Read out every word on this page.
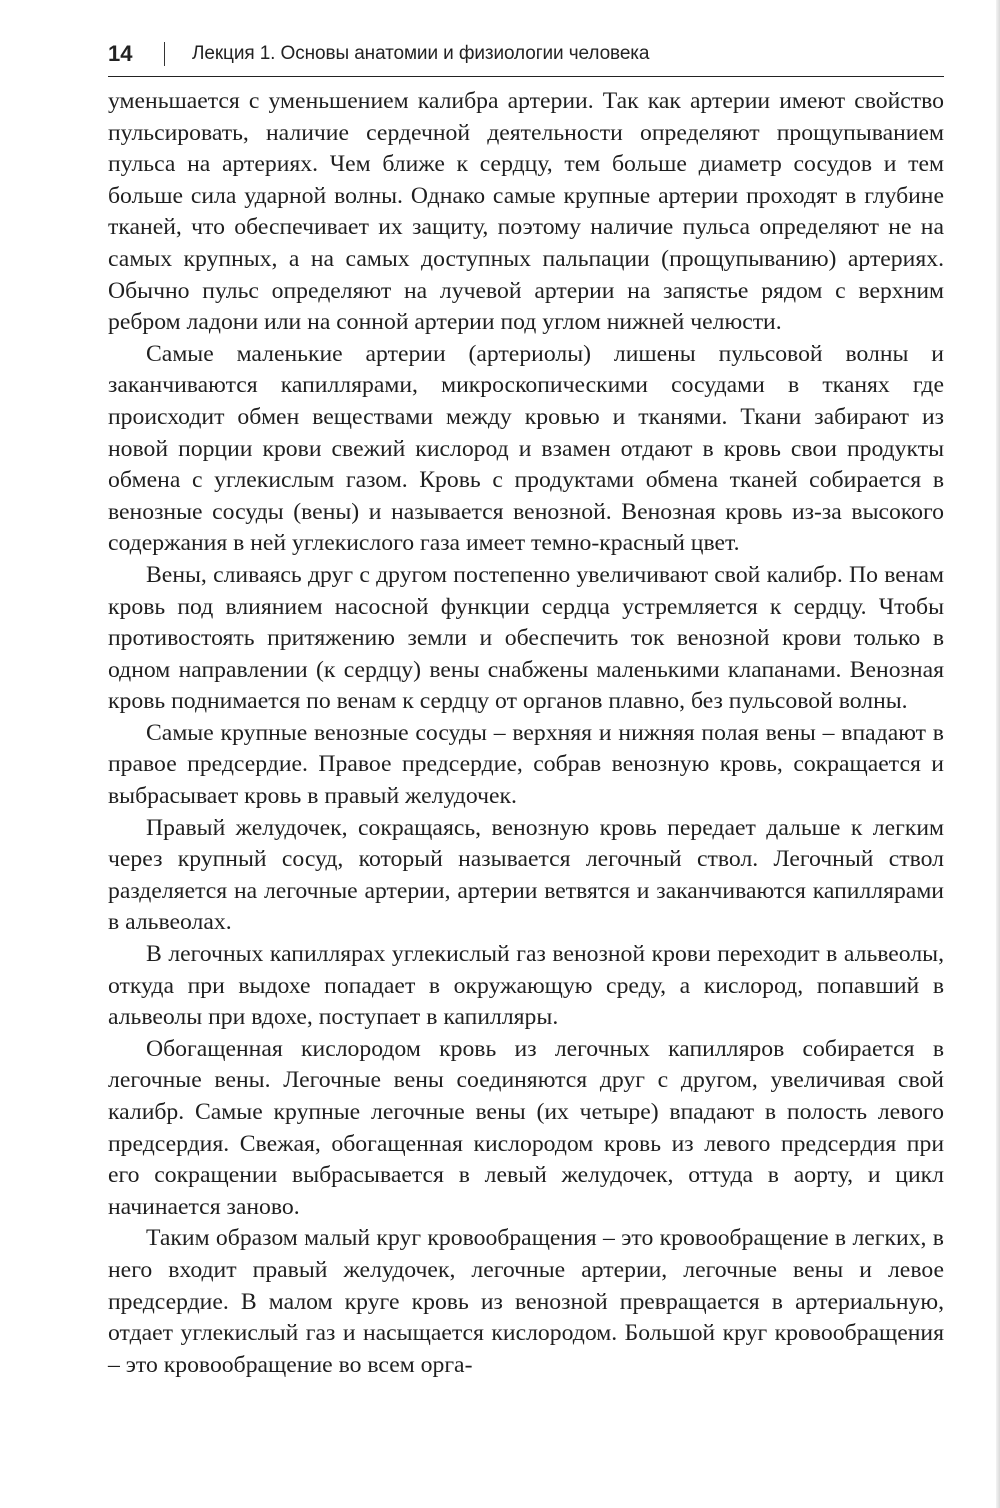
14	Лекция 1. Основы анатомии и физиологии человека

уменьшается с уменьшением калибра артерии. Так как артерии имеют свойство пульсировать, наличие сердечной деятельности определяют прощупыванием пульса на артериях. Чем ближе к сердцу, тем больше диаметр сосудов и тем больше сила ударной волны. Однако самые крупные артерии проходят в глубине тканей, что обеспечивает их защиту, поэтому наличие пульса определяют не на самых крупных, а на самых доступных пальпации (прощупыванию) артериях. Обычно пульс определяют на лучевой артерии на запястье рядом с верхним ребром ладони или на сонной артерии под углом нижней челюсти.

Самые маленькие артерии (артериолы) лишены пульсовой волны и заканчиваются капиллярами, микроскопическими сосудами в тканях где происходит обмен веществами между кровью и тканями. Ткани забирают из новой порции крови свежий кислород и взамен отдают в кровь свои продукты обмена с углекислым газом. Кровь с продуктами обмена тканей собирается в венозные сосуды (вены) и называется венозной. Венозная кровь из-за высокого содержания в ней углекислого газа имеет темно-красный цвет.

Вены, сливаясь друг с другом постепенно увеличивают свой калибр. По венам кровь под влиянием насосной функции сердца устремляется к сердцу. Чтобы противостоять притяжению земли и обеспечить ток венозной крови только в одном направлении (к сердцу) вены снабжены маленькими клапанами. Венозная кровь поднимается по венам к сердцу от органов плавно, без пульсовой волны.

Самые крупные венозные сосуды – верхняя и нижняя полая вены – впадают в правое предсердие. Правое предсердие, собрав венозную кровь, сокращается и выбрасывает кровь в правый желудочек.

Правый желудочек, сокращаясь, венозную кровь передает дальше к легким через крупный сосуд, который называется легочный ствол. Легочный ствол разделяется на легочные артерии, артерии ветвятся и заканчиваются капиллярами в альвеолах.

В легочных капиллярах углекислый газ венозной крови переходит в альвеолы, откуда при выдохе попадает в окружающую среду, а кислород, попавший в альвеолы при вдохе, поступает в капилляры.

Обогащенная кислородом кровь из легочных капилляров собирается в легочные вены. Легочные вены соединяются друг с другом, увеличивая свой калибр. Самые крупные легочные вены (их четыре) впадают в полость левого предсердия. Свежая, обогащенная кислородом кровь из левого предсердия при его сокращении выбрасывается в левый желудочек, оттуда в аорту, и цикл начинается заново.

Таким образом малый круг кровообращения – это кровообращение в легких, в него входит правый желудочек, легочные артерии, легочные вены и левое предсердие. В малом круге кровь из венозной превращается в артериальную, отдает углекислый газ и насыщается кислородом. Большой круг кровообращения – это кровообращение во всем орга-
